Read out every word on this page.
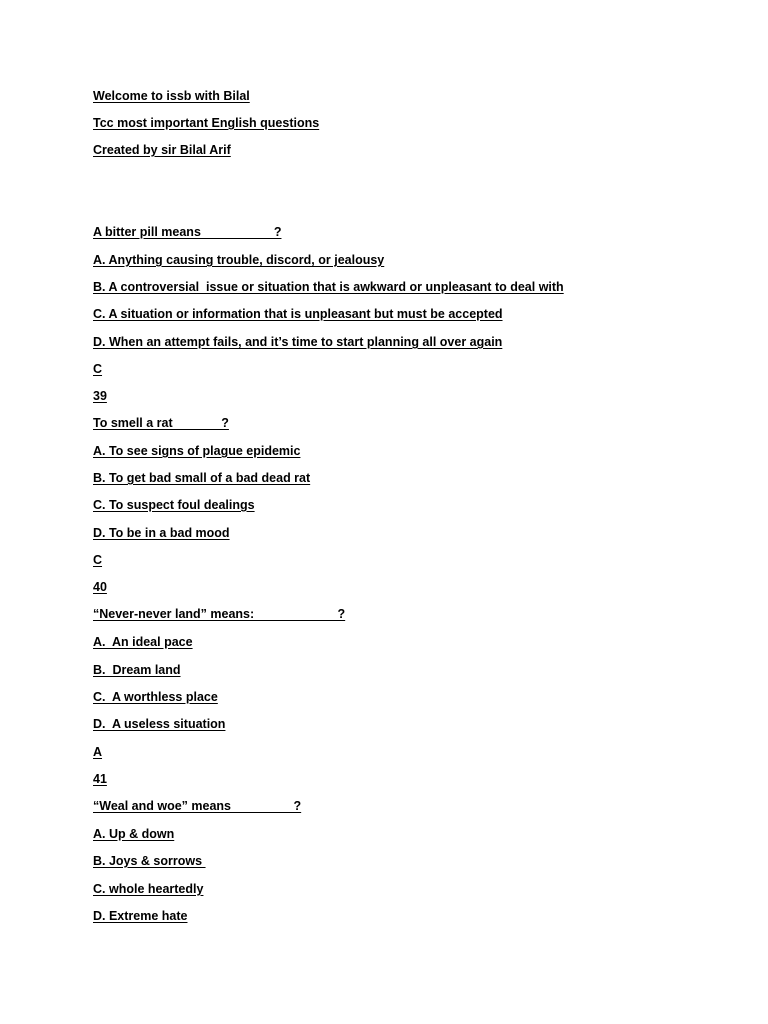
Welcome to issb with Bilal
Tcc most important English questions
Created by sir Bilal Arif
A bitter pill means                     ?
A. Anything causing trouble, discord, or jealousy
B. A controversial  issue or situation that is awkward or unpleasant to deal with
C. A situation or information that is unpleasant but must be accepted
D. When an attempt fails, and it’s time to start planning all over again
C
39
To smell a rat              ?
A. To see signs of plague epidemic
B. To get bad small of a bad dead rat
C. To suspect foul dealings
D. To be in a bad mood
C
40
“Never-never land” means:                        ?
A.  An ideal pace
B.  Dream land
C.  A worthless place
D.  A useless situation
A
41
“Weal and woe” means                  ?
A. Up & down
B. Joys & sorrows
C. whole heartedly
D. Extreme hate
